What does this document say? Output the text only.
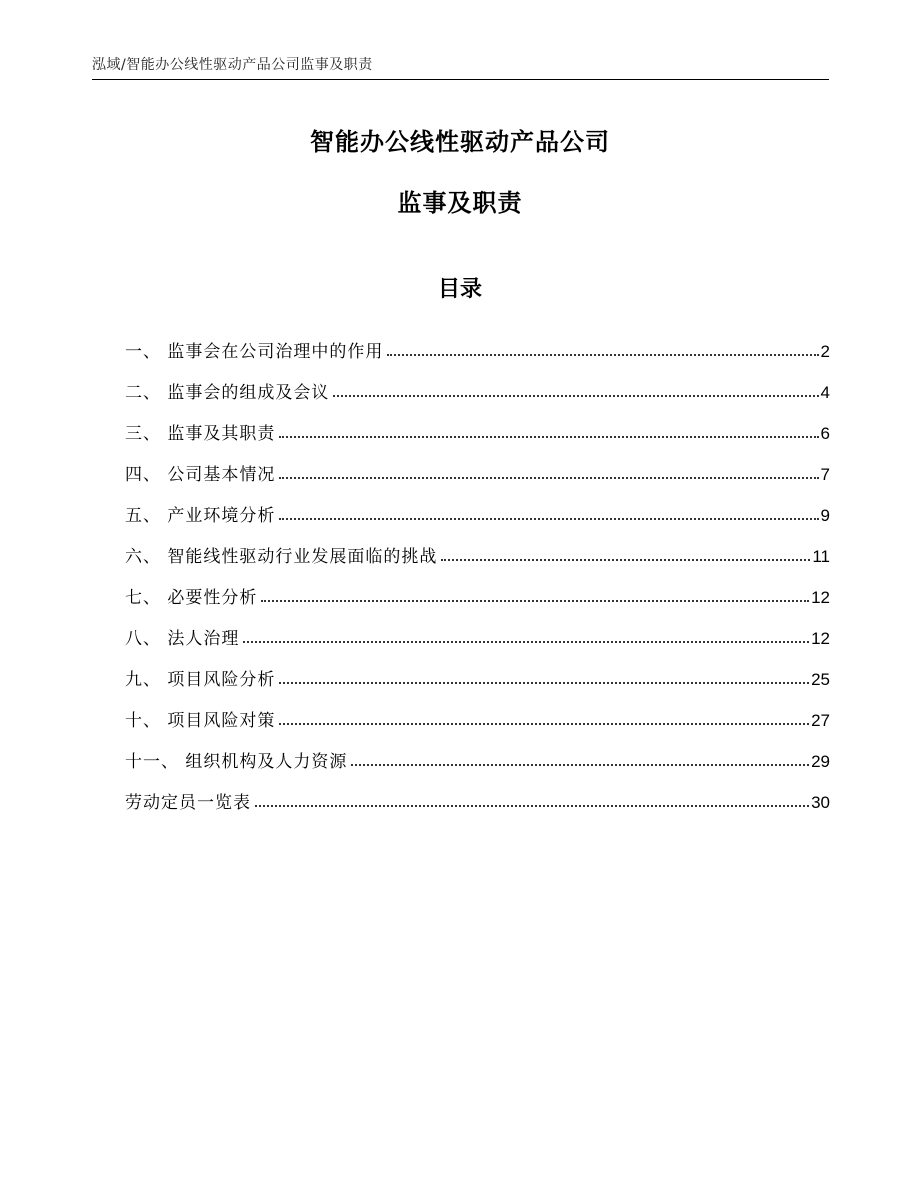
泓域/智能办公线性驱动产品公司监事及职责
智能办公线性驱动产品公司
监事及职责
目录
一、 监事会在公司治理中的作用	2
二、 监事会的组成及会议	4
三、 监事及其职责	6
四、 公司基本情况	7
五、 产业环境分析	9
六、 智能线性驱动行业发展面临的挑战	11
七、 必要性分析	12
八、 法人治理	12
九、 项目风险分析	25
十、 项目风险对策	27
十一、 组织机构及人力资源	29
劳动定员一览表	30
